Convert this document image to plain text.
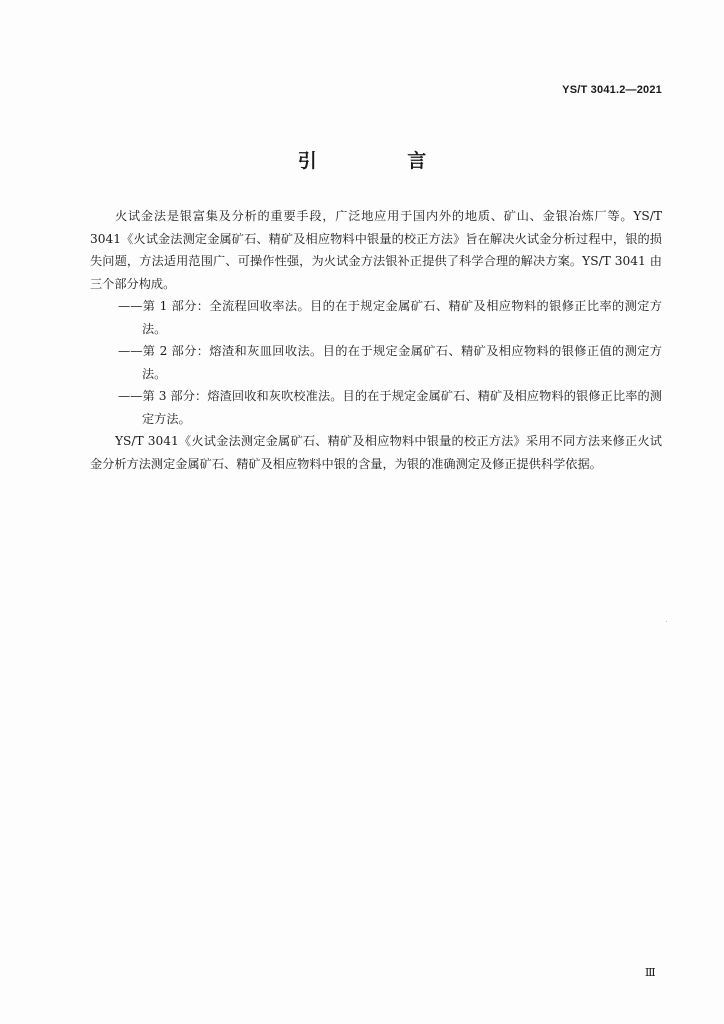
YS/T 3041.2—2021
引 言

火试金法是银富集及分析的重要手段，广泛地应用于国内外的地质、矿山、金银冶炼厂等。YS/T 3041《火试金法测定金属矿石、精矿及相应物料中银量的校正方法》旨在解决火试金分析过程中，银的损失问题，方法适用范围广、可操作性强，为火试金方法银补正提供了科学合理的解决方案。YS/T 3041 由三个部分构成。

——第 1 部分：全流程回收率法。目的在于规定金属矿石、精矿及相应物料的银修正比率的测定方法。

——第 2 部分：熔渣和灰皿回收法。目的在于规定金属矿石、精矿及相应物料的银修正值的测定方法。

——第 3 部分：熔渣回收和灰吹校准法。目的在于规定金属矿石、精矿及相应物料的银修正比率的测定方法。

YS/T 3041《火试金法测定金属矿石、精矿及相应物料中银量的校正方法》采用不同方法来修正火试金分析方法测定金属矿石、精矿及相应物料中银的含量，为银的准确测定及修正提供科学依据。

Ⅲ
